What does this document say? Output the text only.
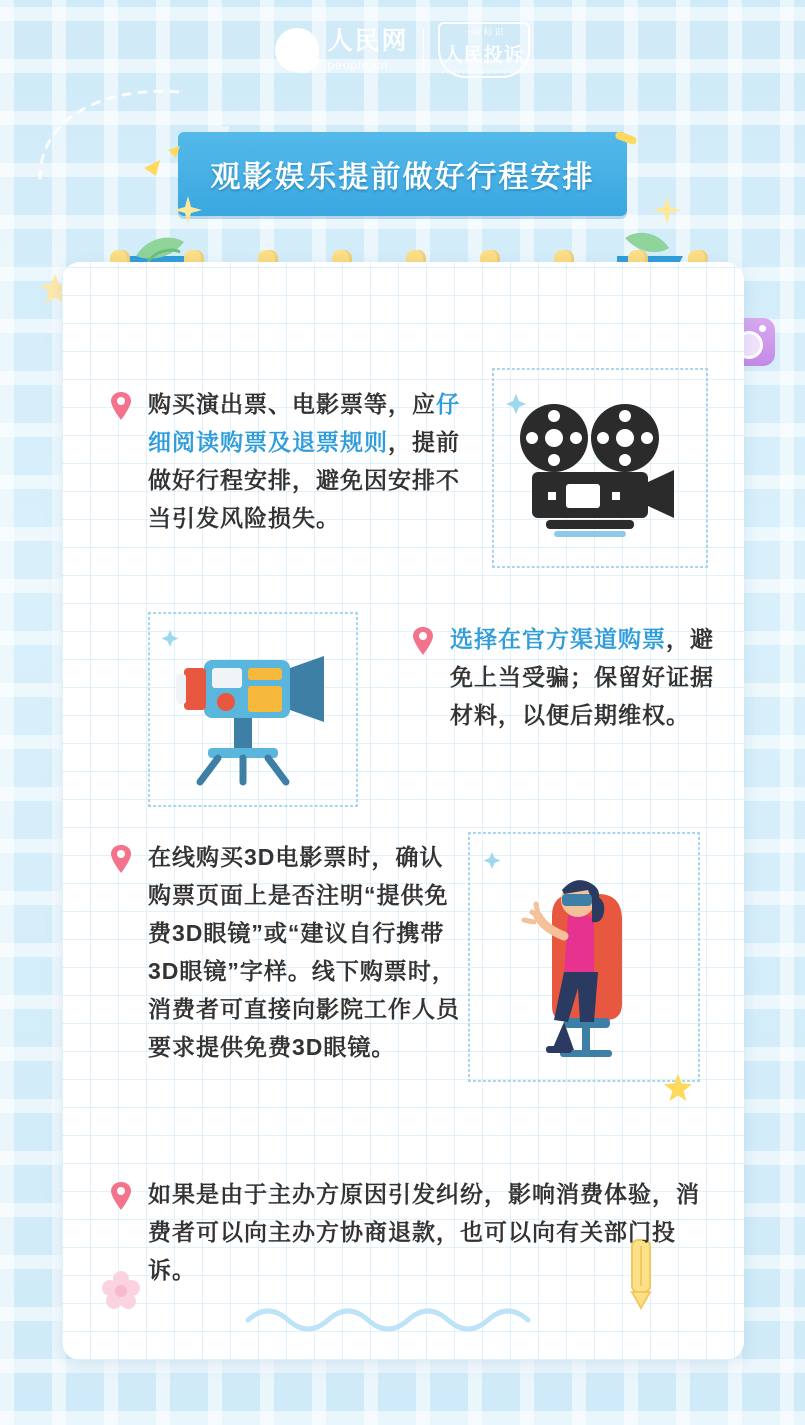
人民网
people.cn
一级标识
人民投诉
PEOPLE'S COMPLAINT
观影娱乐提前做好行程安排

购买演出票、电影票等，应仔细阅读购票及退票规则，提前做好行程安排，避免因安排不当引发风险损失。

选择在官方渠道购票，避免上当受骗；保留好证据材料，以便后期维权。

在线购买3D电影票时，确认购票页面上是否注明“提供免费3D眼镜”或“建议自行携带3D眼镜”字样。线下购票时，消费者可直接向影院工作人员要求提供免费3D眼镜。

如果是由于主办方原因引发纠纷，影响消费体验，消费者可以向主办方协商退款，也可以向有关部门投诉。
